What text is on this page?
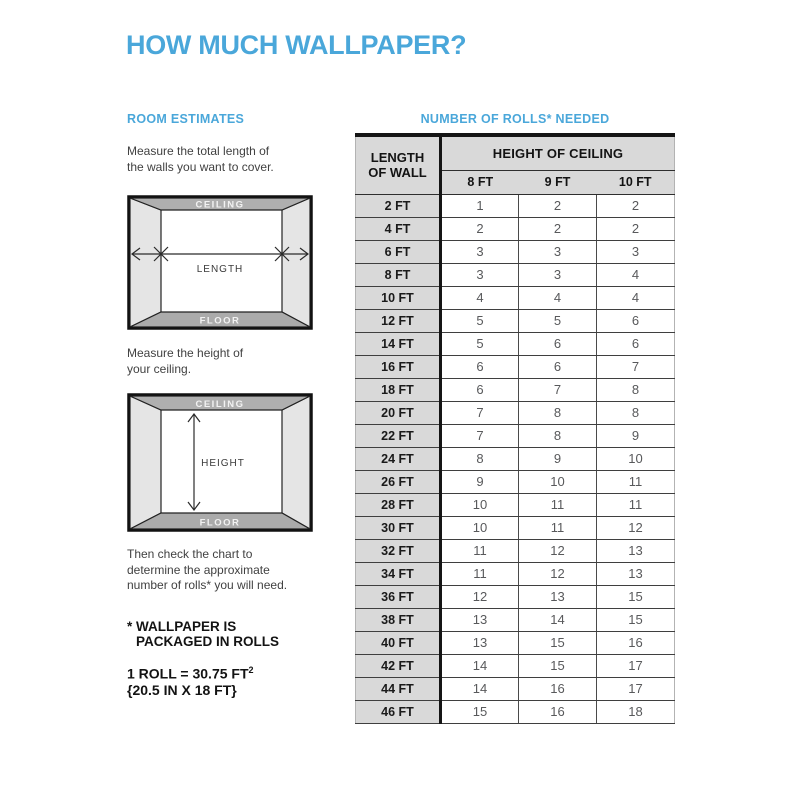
HOW MUCH WALLPAPER?
ROOM ESTIMATES
Measure the total length of
the walls you want to cover.
CEILING
FLOOR
LENGTH
Measure the height of
your ceiling.
CEILING
FLOOR
HEIGHT
Then check the chart to
determine the approximate
number of rolls* you will need.
* WALLPAPER IS
PACKAGED IN ROLLS
1 ROLL = 30.75 $FT^2$
{20.5 IN X 18 FT}
NUMBER OF ROLLS* NEEDED
LENGTH
OF WALL	HEIGHT OF CEILING		
	8 FT	9 FT	10 FT
2 FT	1	2	2
4 FT	2	2	2
6 FT	3	3	3
8 FT	3	3	4
10 FT	4	4	4
12 FT	5	5	6
14 FT	5	6	6
16 FT	6	6	7
18 FT	6	7	8
20 FT	7	8	8
22 FT	7	8	9
24 FT	8	9	10
26 FT	9	10	11
28 FT	10	11	11
30 FT	10	11	12
32 FT	11	12	13
34 FT	11	12	13
36 FT	12	13	15
38 FT	13	14	15
40 FT	13	15	16
42 FT	14	15	17
44 FT	14	16	17
46 FT	15	16	18
